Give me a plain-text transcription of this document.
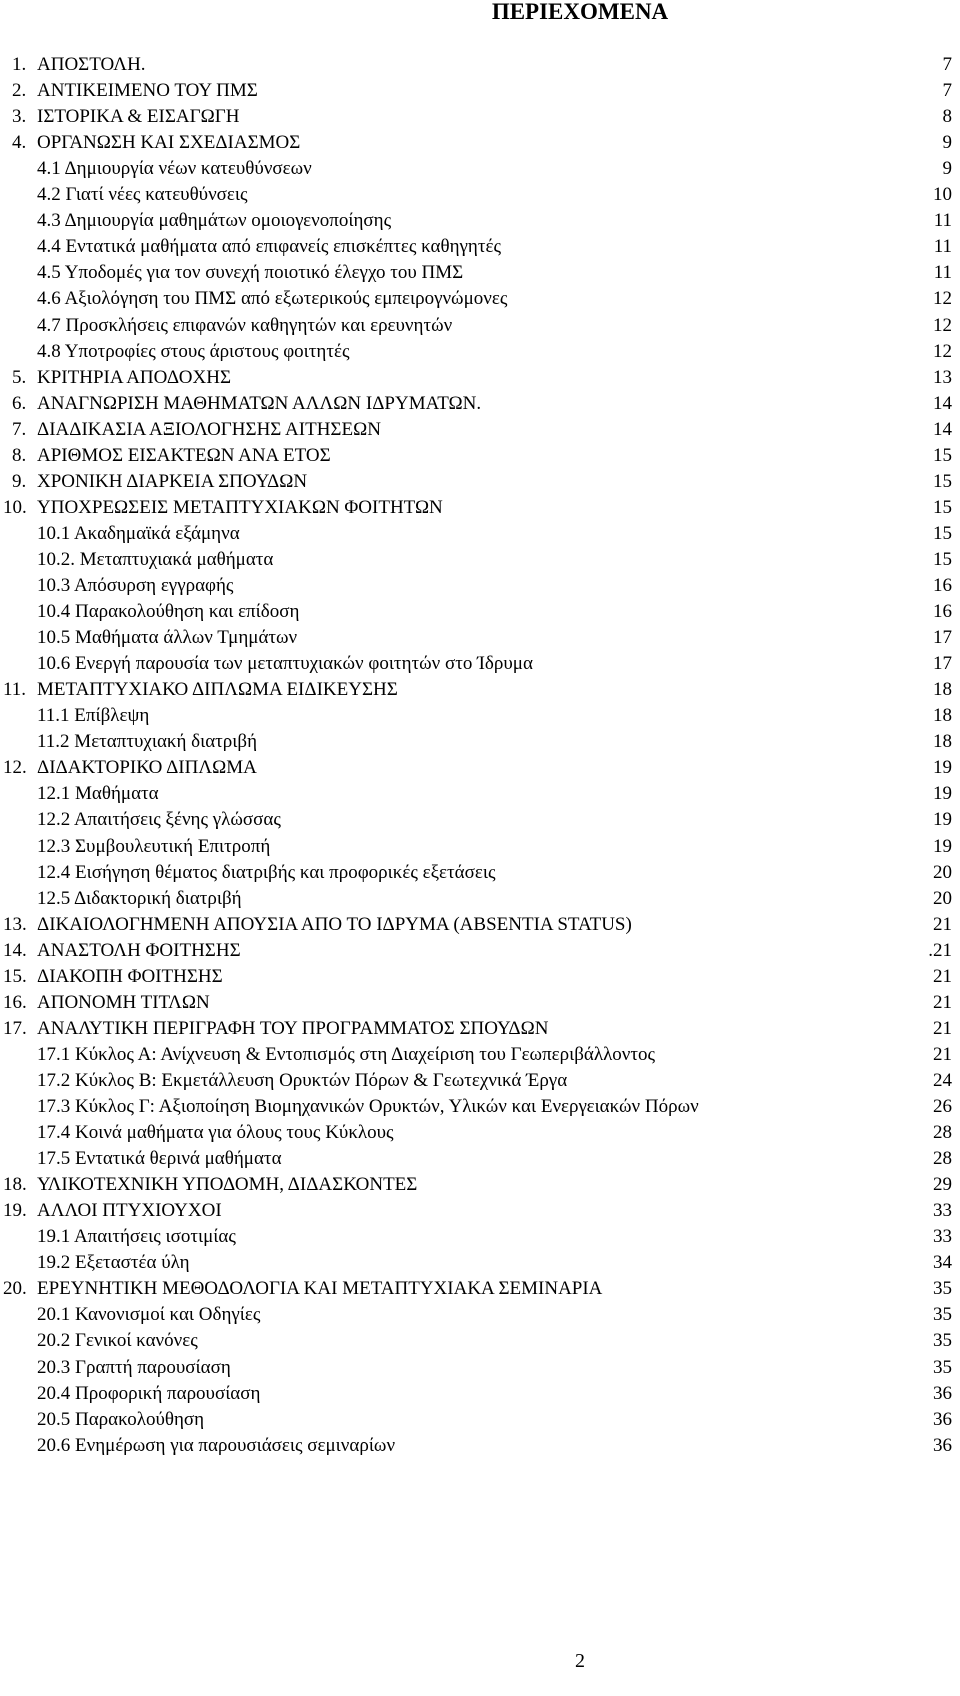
ΠΕΡΙΕΧΟΜΕΝΑ
1. ΑΠΟΣΤΟΛΗ.	7
2. ΑΝΤΙΚΕΙΜΕΝΟ ΤΟΥ ΠΜΣ	7
3. ΙΣΤΟΡΙΚΑ & ΕΙΣΑΓΩΓΗ	8
4. ΟΡΓΑΝΩΣΗ ΚΑΙ ΣΧΕΔΙΑΣΜΟΣ	9
4.1 Δημιουργία νέων κατευθύνσεων	9
4.2 Γιατί νέες κατευθύνσεις	10
4.3 Δημιουργία μαθημάτων ομοιογενοποίησης	11
4.4 Εντατικά μαθήματα από επιφανείς επισκέπτες καθηγητές	11
4.5 Υποδομές για τον συνεχή ποιοτικό έλεγχο του ΠΜΣ	11
4.6 Αξιολόγηση του ΠΜΣ από εξωτερικούς εμπειρογνώμονες	12
4.7 Προσκλήσεις επιφανών καθηγητών και ερευνητών	12
4.8 Υποτροφίες στους άριστους φοιτητές	12
5. ΚΡΙΤΗΡΙΑ ΑΠΟΔΟΧΗΣ	13
6. ΑΝΑΓΝΩΡΙΣΗ ΜΑΘΗΜΑΤΩΝ ΑΛΛΩΝ ΙΔΡΥΜΑΤΩΝ.	14
7. ΔΙΑΔΙΚΑΣΙΑ ΑΞΙΟΛΟΓΗΣΗΣ ΑΙΤΗΣΕΩΝ	14
8. ΑΡΙΘΜΟΣ ΕΙΣΑΚΤΕΩΝ ΑΝΑ ΕΤΟΣ	15
9. ΧΡΟΝΙΚΗ ΔΙΑΡΚΕΙΑ ΣΠΟΥΔΩΝ	15
10. ΥΠΟΧΡΕΩΣΕΙΣ ΜΕΤΑΠΤΥΧΙΑΚΩΝ ΦΟΙΤΗΤΩΝ	15
10.1 Ακαδημαϊκά εξάμηνα	15
10.2. Μεταπτυχιακά μαθήματα	15
10.3 Απόσυρση εγγραφής	16
10.4 Παρακολούθηση και επίδοση	16
10.5 Μαθήματα άλλων Τμημάτων	17
10.6 Ενεργή παρουσία των μεταπτυχιακών φοιτητών στο Ίδρυμα	17
11. ΜΕΤΑΠΤΥΧΙΑΚΟ ΔΙΠΛΩΜΑ ΕΙΔΙΚΕΥΣΗΣ	18
11.1 Επίβλεψη	18
11.2 Μεταπτυχιακή διατριβή	18
12. ΔΙΔΑΚΤΟΡΙΚΟ ΔΙΠΛΩΜΑ	19
12.1 Μαθήματα	19
12.2 Απαιτήσεις ξένης γλώσσας	19
12.3 Συμβουλευτική Επιτροπή	19
12.4 Εισήγηση θέματος διατριβής και προφορικές εξετάσεις	20
12.5 Διδακτορική διατριβή	20
13. ΔΙΚΑΙΟΛΟΓΗΜΕΝΗ ΑΠΟΥΣΙΑ ΑΠΟ ΤΟ ΙΔΡΥΜΑ (ABSENTIA STATUS)	21
14. ΑΝΑΣΤΟΛΗ ΦΟΙΤΗΣΗΣ	.21
15. ΔΙΑΚΟΠΗ ΦΟΙΤΗΣΗΣ	21
16. ΑΠΟΝΟΜΗ ΤΙΤΛΩΝ	21
17. ΑΝΑΛΥΤΙΚΗ ΠΕΡΙΓΡΑΦΗ ΤΟΥ ΠΡΟΓΡΑΜΜΑΤΟΣ ΣΠΟΥΔΩΝ	21
17.1 Κύκλος Α: Ανίχνευση & Εντοπισμός στη Διαχείριση του Γεωπεριβάλλοντος	21
17.2 Κύκλος Β: Εκμετάλλευση Ορυκτών Πόρων & Γεωτεχνικά Έργα	24
17.3 Κύκλος Γ: Αξιοποίηση Βιομηχανικών Ορυκτών, Υλικών και Ενεργειακών Πόρων	26
17.4 Κοινά μαθήματα για όλους τους Κύκλους	28
17.5 Εντατικά θερινά μαθήματα	28
18. ΥΛΙΚΟΤΕΧΝΙΚΗ ΥΠΟΔΟΜΗ, ΔΙΔΑΣΚΟΝΤΕΣ	29
19. ΑΛΛΟΙ ΠΤΥΧΙΟΥΧΟΙ	33
19.1 Απαιτήσεις ισοτιμίας	33
19.2 Εξεταστέα ύλη	34
20. ΕΡΕΥΝΗΤΙΚΗ ΜΕΘΟΔΟΛΟΓΙΑ ΚΑΙ ΜΕΤΑΠΤΥΧΙΑΚΑ ΣΕΜΙΝΑΡΙΑ	35
20.1 Κανονισμοί και Οδηγίες	35
20.2 Γενικοί κανόνες	35
20.3 Γραπτή παρουσίαση	35
20.4 Προφορική παρουσίαση	36
20.5 Παρακολούθηση	36
20.6 Ενημέρωση για παρουσιάσεις σεμιναρίων	36
2
